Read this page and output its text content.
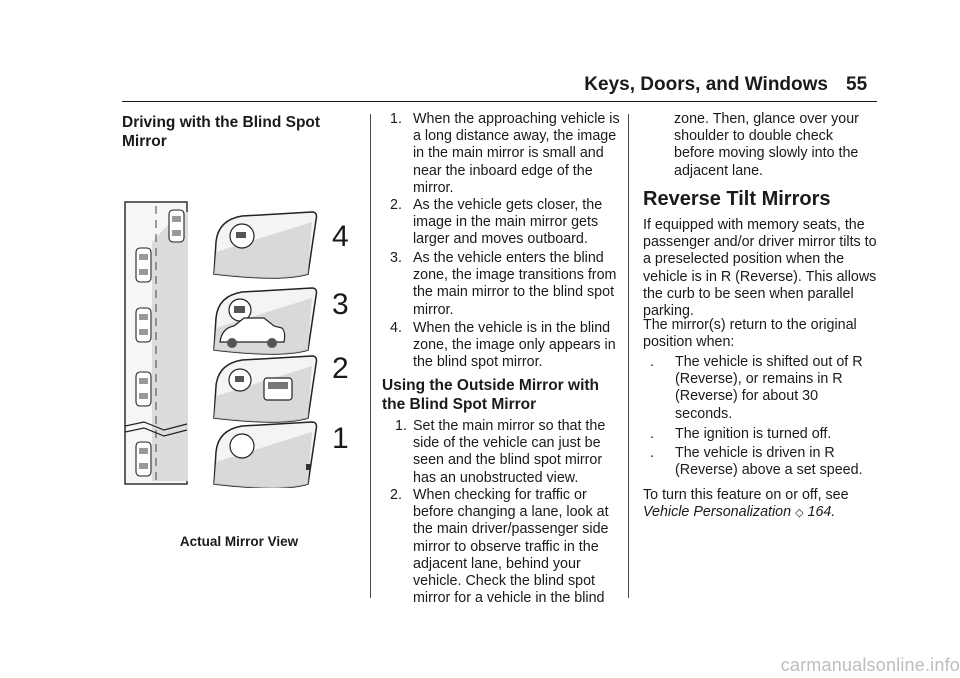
Keys, Doors, and Windows 55
Driving with the Blind Spot Mirror
4
3
2
1
Actual Mirror View
1. When the approaching vehicle is a long distance away, the image in the main mirror is small and near the inboard edge of the mirror.
2. As the vehicle gets closer, the image in the main mirror gets larger and moves outboard.
3. As the vehicle enters the blind zone, the image transitions from the main mirror to the blind spot mirror.
4. When the vehicle is in the blind zone, the image only appears in the blind spot mirror.
Using the Outside Mirror with the Blind Spot Mirror
1. Set the main mirror so that the side of the vehicle can just be seen and the blind spot mirror has an unobstructed view.
2. When checking for traffic or before changing a lane, look at the main driver/passenger side mirror to observe traffic in the adjacent lane, behind your vehicle. Check the blind spot mirror for a vehicle in the blind

zone. Then, glance over your shoulder to double check before moving slowly into the adjacent lane.

Reverse Tilt Mirrors

If equipped with memory seats, the passenger and/or driver mirror tilts to a preselected position when the vehicle is in R (Reverse). This allows the curb to be seen when parallel parking.

The mirror(s) return to the original position when:

.	The vehicle is shifted out of R (Reverse), or remains in R (Reverse) for about 30 seconds.
.	The ignition is turned off.
.	The vehicle is driven in R (Reverse) above a set speed.

To turn this feature on or off, see
Vehicle Personalization ◇ 164.

carmanualsonline.info
